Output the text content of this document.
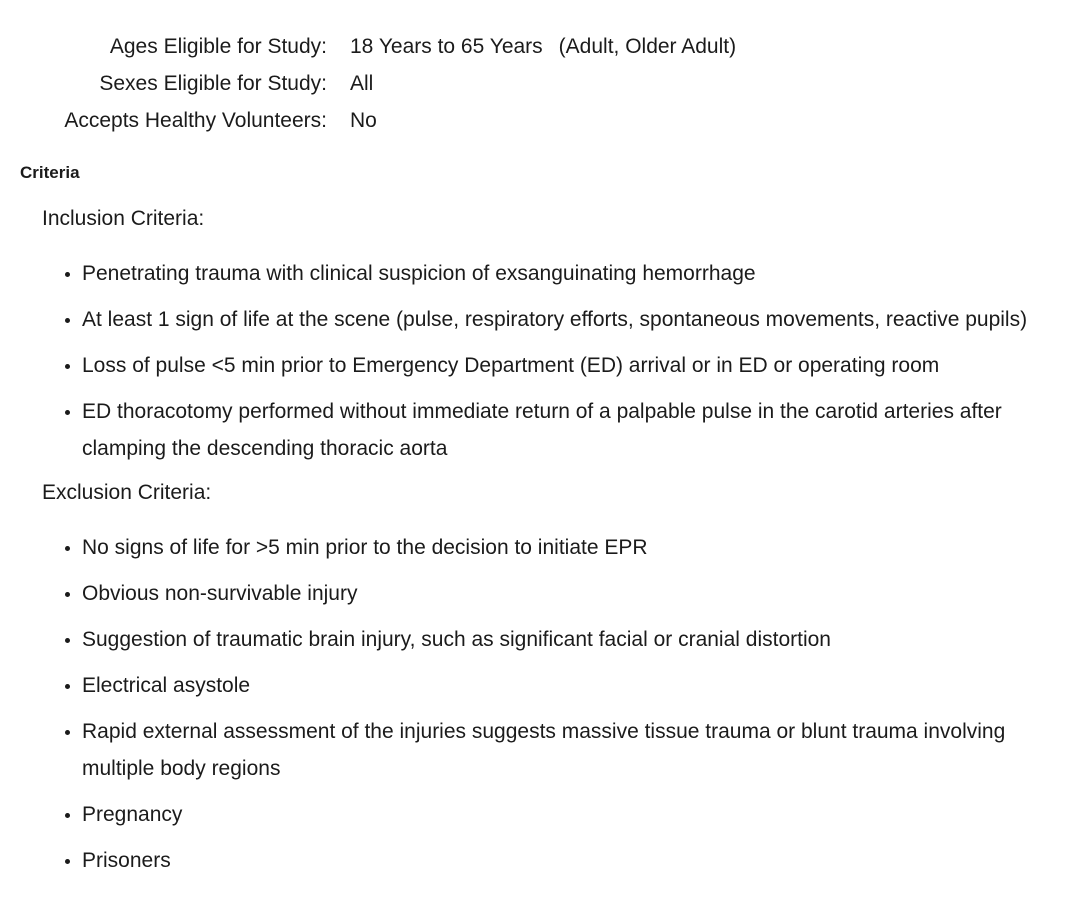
Ages Eligible for Study: 18 Years to 65 Years (Adult, Older Adult)
Sexes Eligible for Study: All
Accepts Healthy Volunteers: No
Criteria
Inclusion Criteria:
• Penetrating trauma with clinical suspicion of exsanguinating hemorrhage
• At least 1 sign of life at the scene (pulse, respiratory efforts, spontaneous movements, reactive pupils)
• Loss of pulse <5 min prior to Emergency Department (ED) arrival or in ED or operating room
• ED thoracotomy performed without immediate return of a palpable pulse in the carotid arteries after clamping the descending thoracic aorta
Exclusion Criteria:
• No signs of life for >5 min prior to the decision to initiate EPR
• Obvious non-survivable injury
• Suggestion of traumatic brain injury, such as significant facial or cranial distortion
• Electrical asystole
• Rapid external assessment of the injuries suggests massive tissue trauma or blunt trauma involving multiple body regions
• Pregnancy
• Prisoners
